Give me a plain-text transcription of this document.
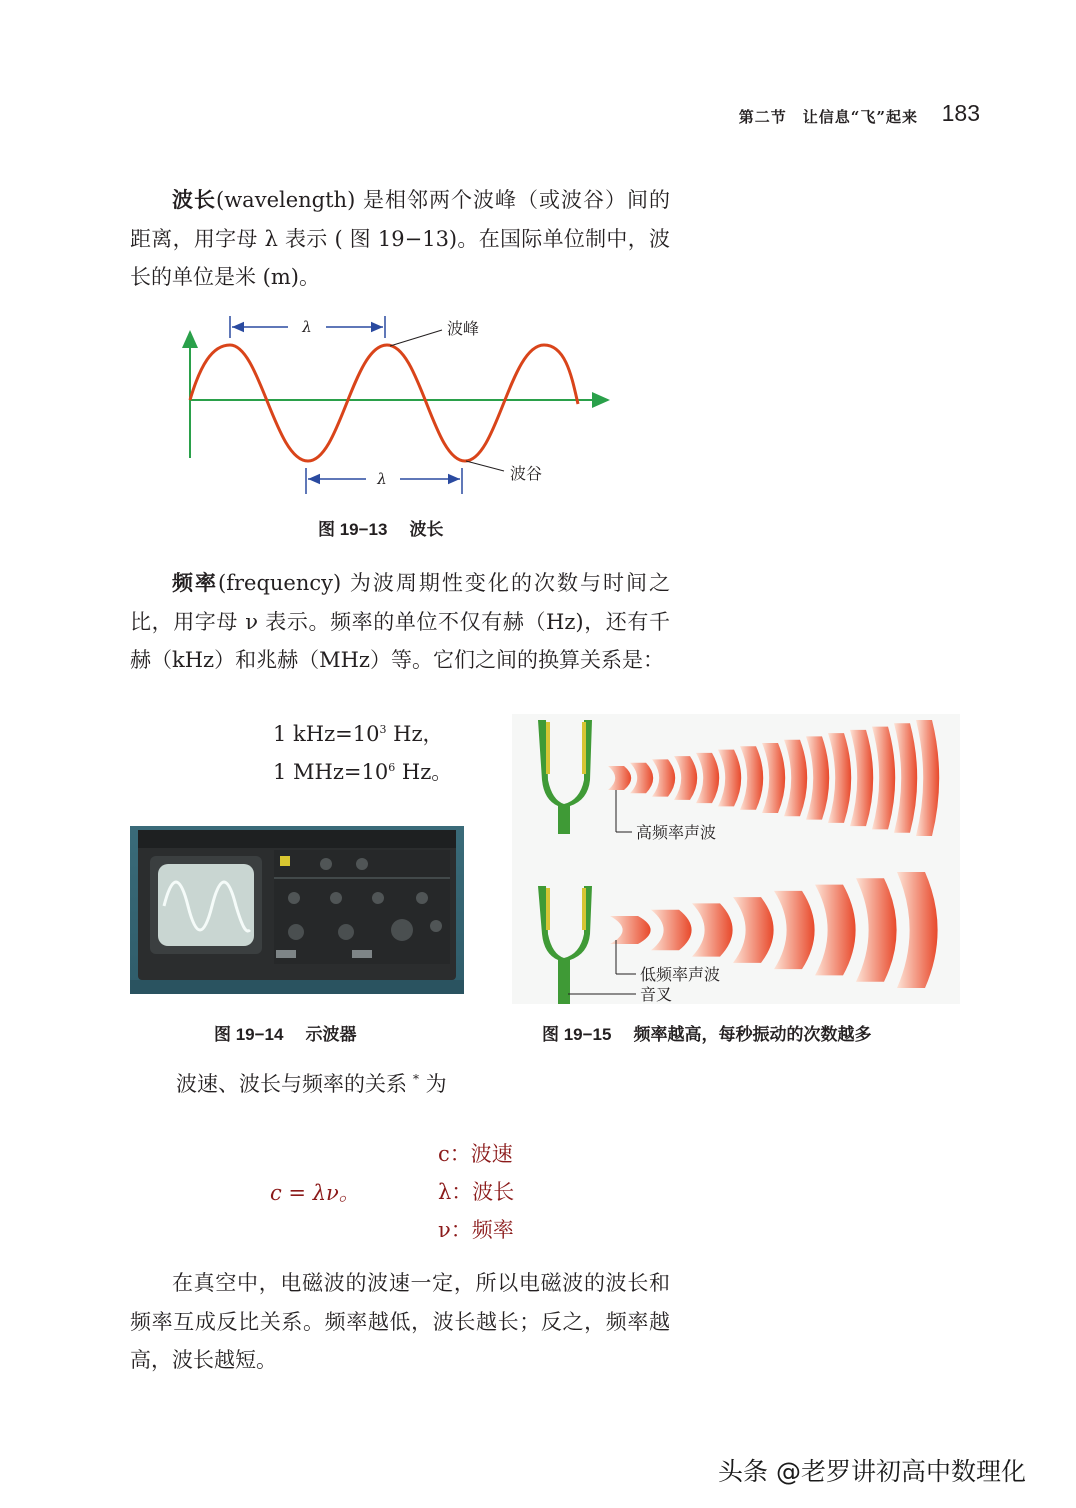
第二节　让信息“飞”起来 183

波长(wavelength) 是相邻两个波峰（或波谷）间的距离，用字母 λ 表示 ( 图 19−13)。在国际单位制中，波长的单位是米 (m)。

λ
λ
波峰
波谷
图 19−13 波长

频率(frequency) 为波周期性变化的次数与时间之比，用字母 ν 表示。频率的单位不仅有赫（Hz)，还有千赫（kHz）和兆赫（MHz）等。它们之间的换算关系是：

1 $kHz=10^3$ Hz，
1 $MHz=10^6$ Hz。
图 19−14 示波器
高频率声波
低频率声波
音叉
图 19−15 频率越高，每秒振动的次数越多
波速、波长与频率的关系 * 为
c = λν。
c：波速
λ：波长
ν：频率

在真空中，电磁波的波速一定，所以电磁波的波长和频率互成反比关系。频率越低，波长越长；反之，频率越高，波长越短。

头条 @老罗讲初高中数理化
